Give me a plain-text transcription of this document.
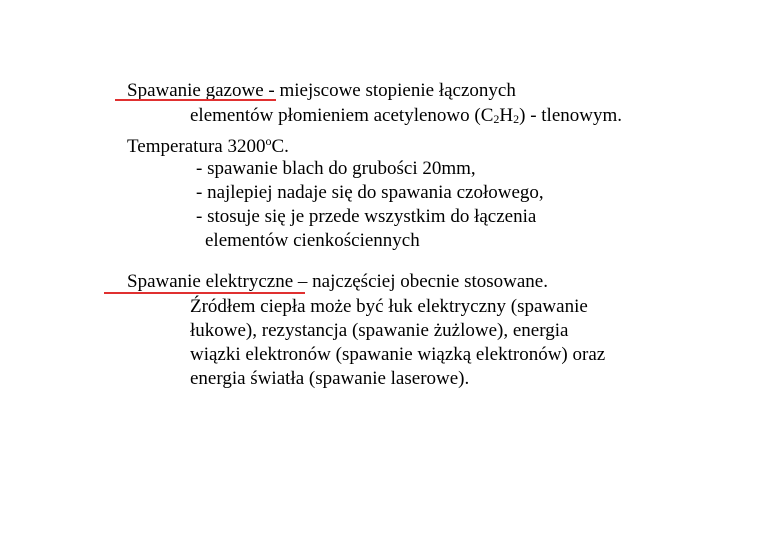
Spawanie gazowe - miejscowe stopienie łączonych

elementów płomieniem acetylenowo $(C_2H_2)$ - tlenowym.

Temperatura 3200$^o$C.

- spawanie blach do grubości 20mm,

- najlepiej nadaje się do spawania czołowego,

- stosuje się je przede wszystkim do łączenia

elementów cienkościennych

Spawanie elektryczne – najczęściej obecnie stosowane.

Źródłem ciepła może być łuk elektryczny (spawanie

łukowe), rezystancja (spawanie żużlowe), energia

wiązki elektronów (spawanie wiązką elektronów) oraz

energia światła (spawanie laserowe).
